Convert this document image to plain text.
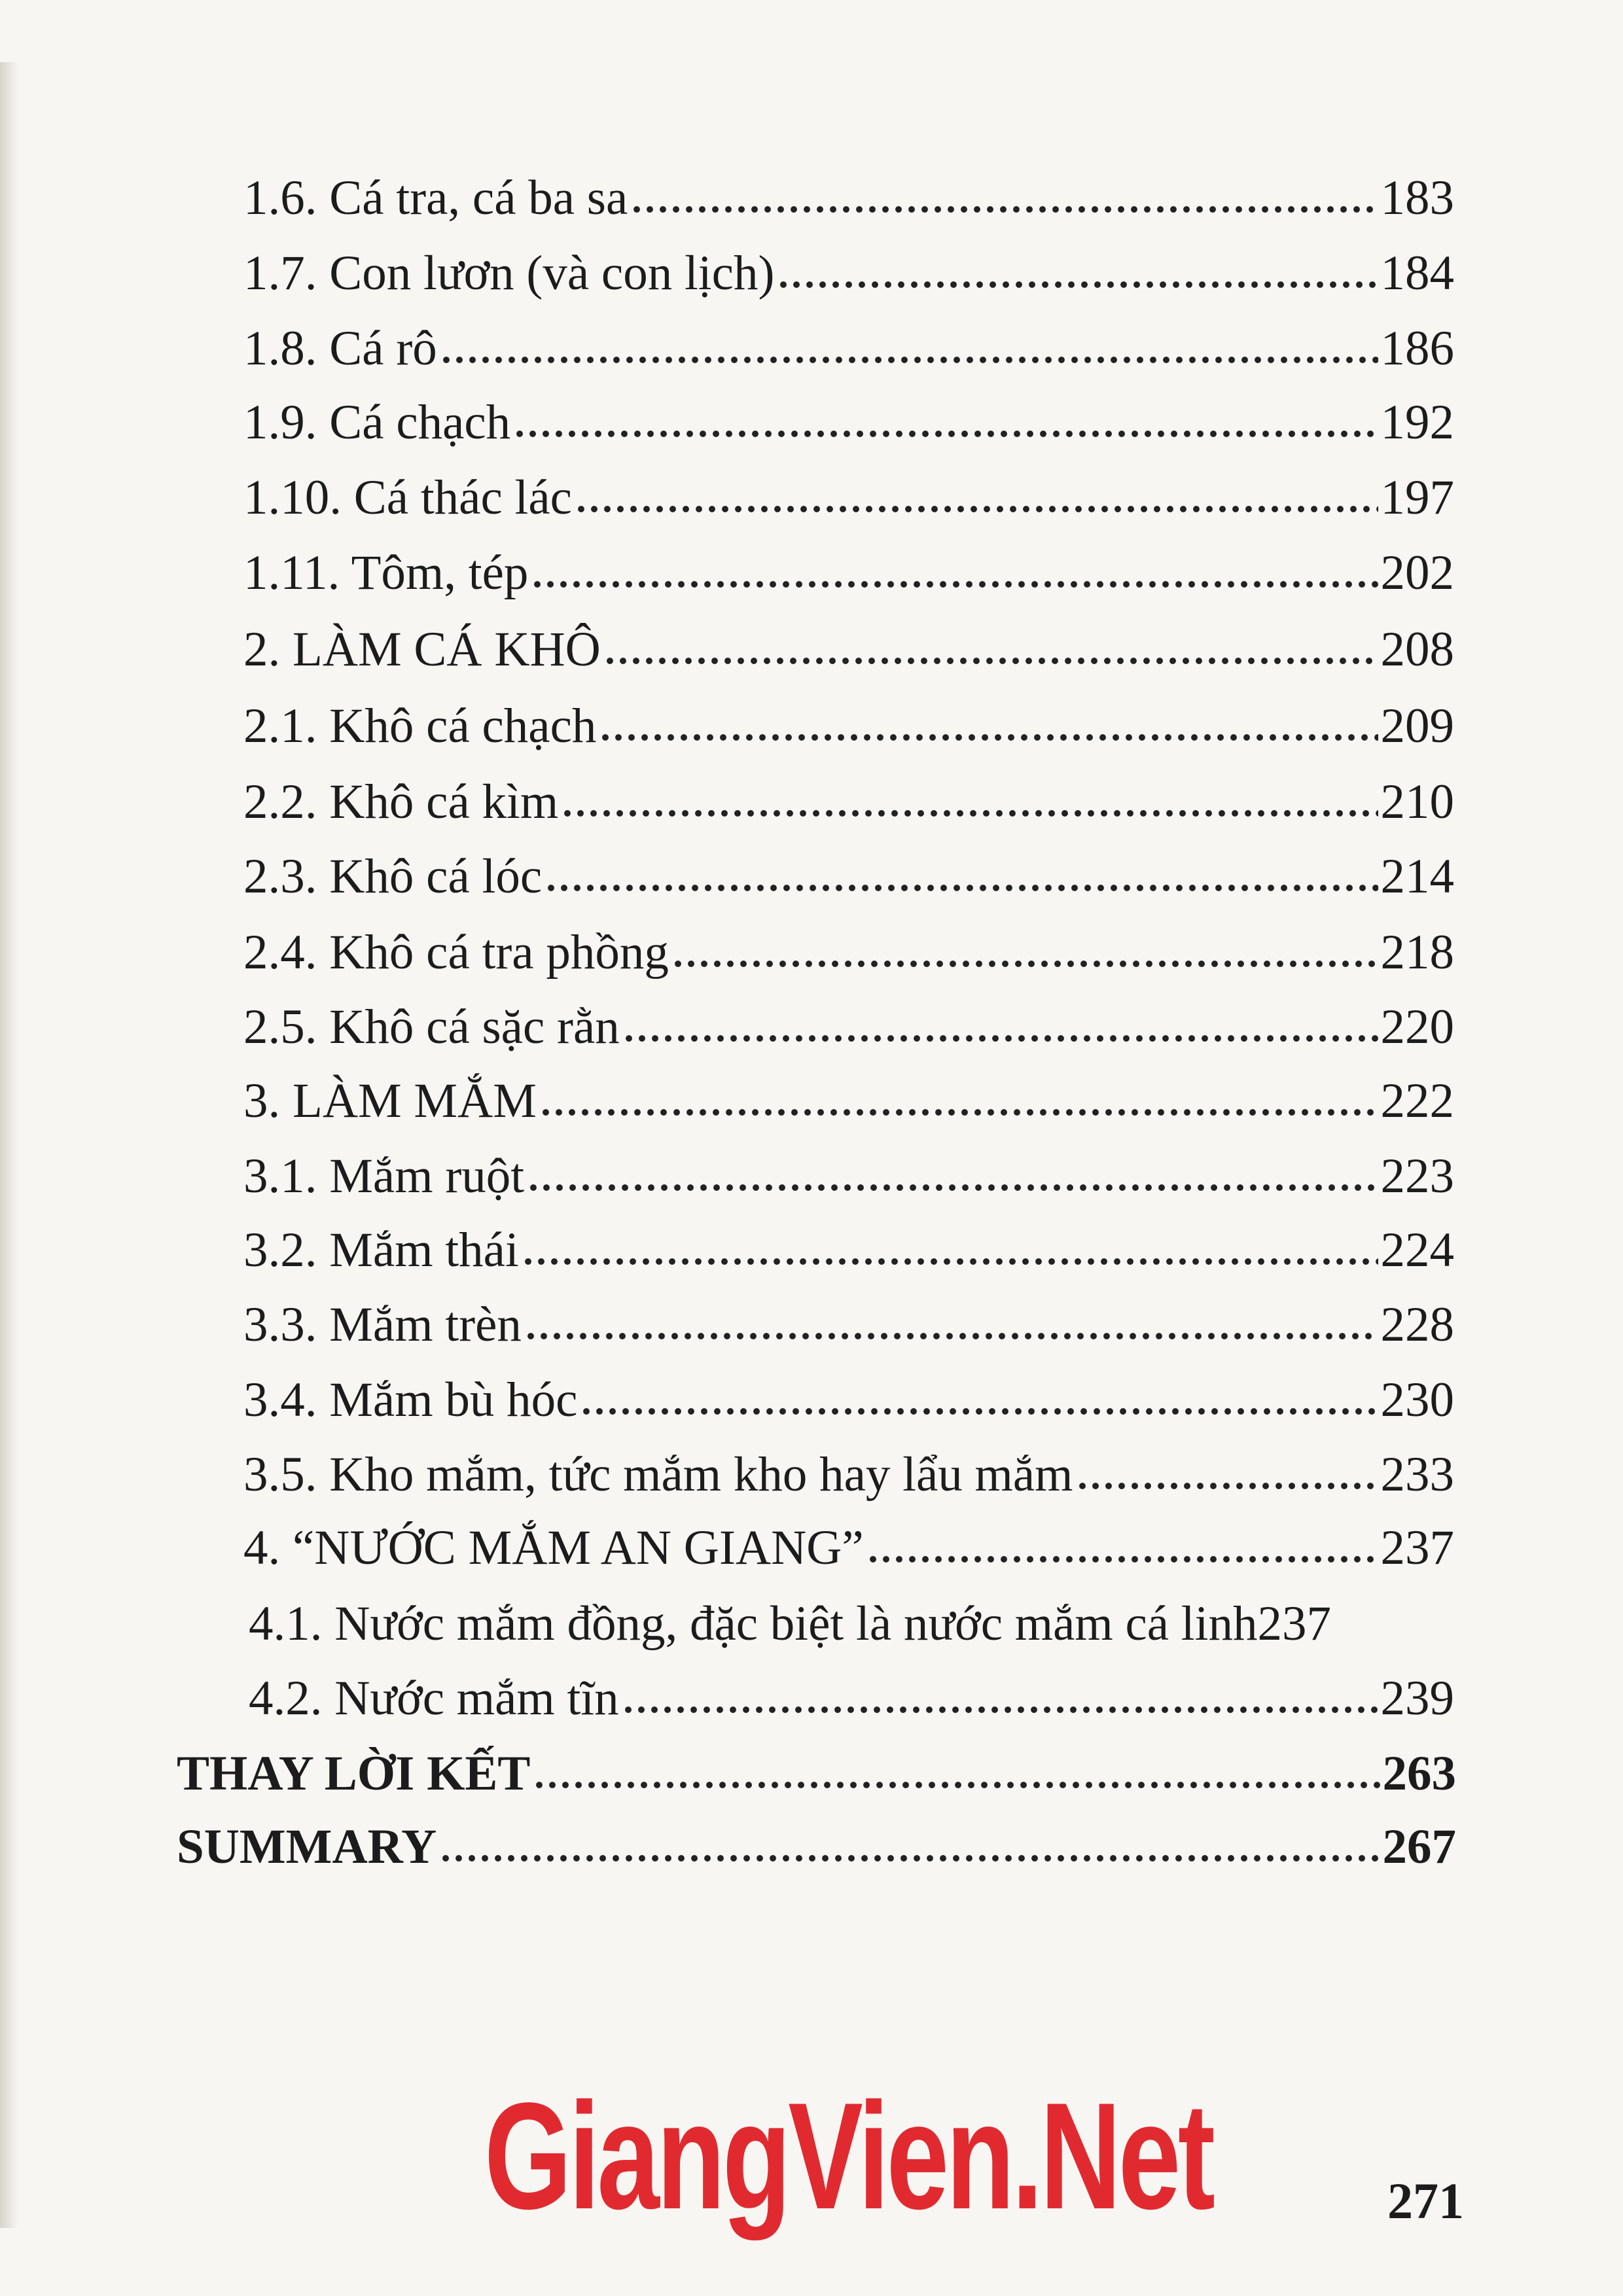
1.6. Cá tra, cá ba sa	183
1.7. Con lươn (và con lịch)	184
1.8. Cá rô	186
1.9. Cá chạch	192
1.10. Cá thác lác	197
1.11. Tôm, tép	202
2. LÀM CÁ KHÔ	208
2.1. Khô cá chạch	209
2.2. Khô cá kìm	210
2.3. Khô cá lóc	214
2.4. Khô cá tra phồng	218
2.5. Khô cá sặc rằn	220
3. LÀM MẮM	222
3.1. Mắm ruột	223
3.2. Mắm thái	224
3.3. Mắm trèn	228
3.4. Mắm bù hóc	230
3.5. Kho mắm, tức mắm kho hay lẩu mắm	233
4. “NƯỚC MẮM AN GIANG”	237
4.1. Nước mắm đồng, đặc biệt là nước mắm cá linh 237
4.2. Nước mắm tĩn	239
THAY LỜI KẾT	263
SUMMARY	267
GiangVien.Net	271
